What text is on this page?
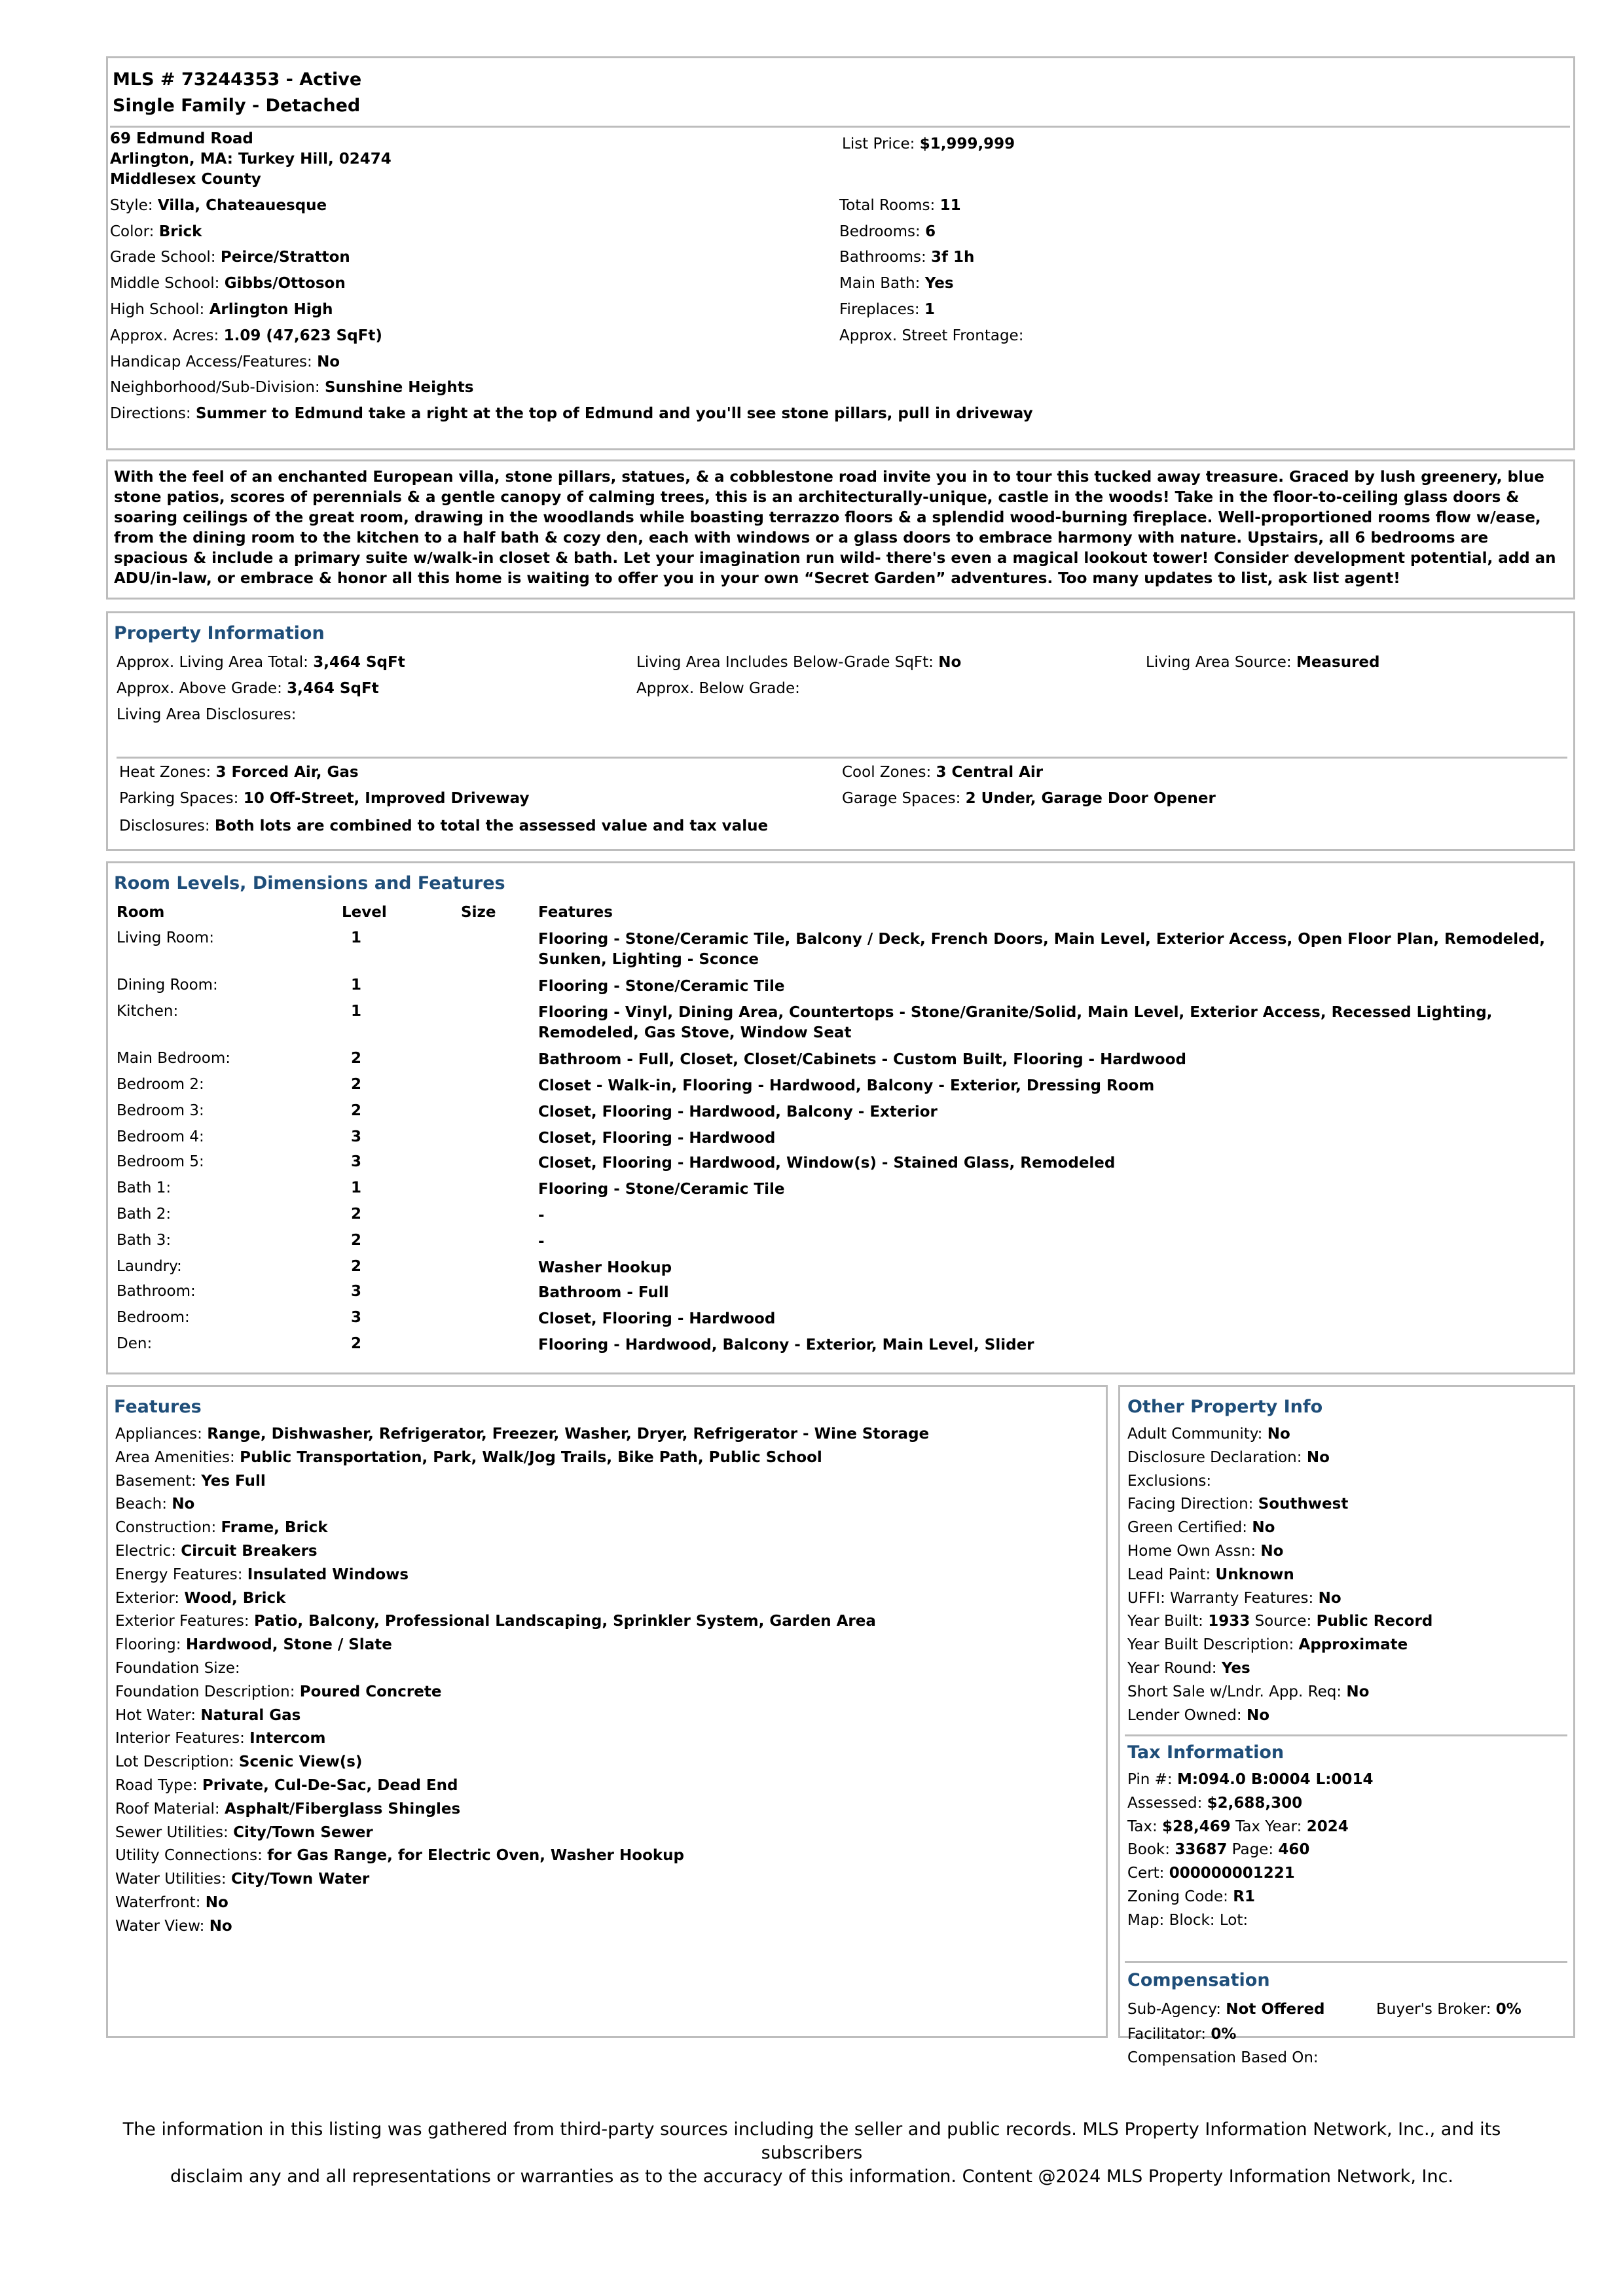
MLS # 73244353 - Active
Single Family - Detached
69 Edmund Road
Arlington, MA: Turkey Hill, 02474
Middlesex County
List Price: $1,999,999
Style: Villa, Chateauesque
Color: Brick
Grade School: Peirce/Stratton
Middle School: Gibbs/Ottoson
High School: Arlington High
Approx. Acres: 1.09 (47,623 SqFt)
Handicap Access/Features: No
Neighborhood/Sub-Division: Sunshine Heights
Directions: Summer to Edmund take a right at the top of Edmund and you'll see stone pillars, pull in driveway
Total Rooms: 11
Bedrooms: 6
Bathrooms: 3f 1h
Main Bath: Yes
Fireplaces: 1
Approx. Street Frontage:
With the feel of an enchanted European villa, stone pillars, statues, & a cobblestone road invite you in to tour this tucked away treasure. Graced by lush greenery, blue stone patios, scores of perennials & a gentle canopy of calming trees, this is an architecturally-unique, castle in the woods! Take in the floor-to-ceiling glass doors & soaring ceilings of the great room, drawing in the woodlands while boasting terrazzo floors & a splendid wood-burning fireplace. Well-proportioned rooms flow w/ease, from the dining room to the kitchen to a half bath & cozy den, each with windows or a glass doors to embrace harmony with nature. Upstairs, all 6 bedrooms are spacious & include a primary suite w/walk-in closet & bath. Let your imagination run wild- there's even a magical lookout tower! Consider development potential, add an ADU/in-law, or embrace & honor all this home is waiting to offer you in your own “Secret Garden” adventures. Too many updates to list, ask list agent!
Property Information
Approx. Living Area Total: 3,464 SqFt	Living Area Includes Below-Grade SqFt: No	Living Area Source: Measured
Approx. Above Grade: 3,464 SqFt	Approx. Below Grade:
Living Area Disclosures:
Heat Zones: 3 Forced Air, Gas	Cool Zones: 3 Central Air
Parking Spaces: 10 Off-Street, Improved Driveway	Garage Spaces: 2 Under, Garage Door Opener
Disclosures: Both lots are combined to total the assessed value and tax value
Room Levels, Dimensions and Features
Room	Level	Size	Features
Living Room:	1	Flooring - Stone/Ceramic Tile, Balcony / Deck, French Doors, Main Level, Exterior Access, Open Floor Plan, Remodeled, Sunken, Lighting - Sconce
Dining Room:	1	Flooring - Stone/Ceramic Tile
Kitchen:	1	Flooring - Vinyl, Dining Area, Countertops - Stone/Granite/Solid, Main Level, Exterior Access, Recessed Lighting, Remodeled, Gas Stove, Window Seat
Main Bedroom:	2	Bathroom - Full, Closet, Closet/Cabinets - Custom Built, Flooring - Hardwood
Bedroom 2:	2	Closet - Walk-in, Flooring - Hardwood, Balcony - Exterior, Dressing Room
Bedroom 3:	2	Closet, Flooring - Hardwood, Balcony - Exterior
Bedroom 4:	3	Closet, Flooring - Hardwood
Bedroom 5:	3	Closet, Flooring - Hardwood, Window(s) - Stained Glass, Remodeled
Bath 1:	1	Flooring - Stone/Ceramic Tile
Bath 2:	2	-
Bath 3:	2	-
Laundry:	2	Washer Hookup
Bathroom:	3	Bathroom - Full
Bedroom:	3	Closet, Flooring - Hardwood
Den:	2	Flooring - Hardwood, Balcony - Exterior, Main Level, Slider
Features
Appliances: Range, Dishwasher, Refrigerator, Freezer, Washer, Dryer, Refrigerator - Wine Storage
Area Amenities: Public Transportation, Park, Walk/Jog Trails, Bike Path, Public School
Basement: Yes Full
Beach: No
Construction: Frame, Brick
Electric: Circuit Breakers
Energy Features: Insulated Windows
Exterior: Wood, Brick
Exterior Features: Patio, Balcony, Professional Landscaping, Sprinkler System, Garden Area
Flooring: Hardwood, Stone / Slate
Foundation Size:
Foundation Description: Poured Concrete
Hot Water: Natural Gas
Interior Features: Intercom
Lot Description: Scenic View(s)
Road Type: Private, Cul-De-Sac, Dead End
Roof Material: Asphalt/Fiberglass Shingles
Sewer Utilities: City/Town Sewer
Utility Connections: for Gas Range, for Electric Oven, Washer Hookup
Water Utilities: City/Town Water
Waterfront: No
Water View: No
Other Property Info
Adult Community: No
Disclosure Declaration: No
Exclusions:
Facing Direction: Southwest
Green Certified: No
Home Own Assn: No
Lead Paint: Unknown
UFFI: Warranty Features: No
Year Built: 1933 Source: Public Record
Year Built Description: Approximate
Year Round: Yes
Short Sale w/Lndr. App. Req: No
Lender Owned: No
Tax Information
Pin #: M:094.0 B:0004 L:0014
Assessed: $2,688,300
Tax: $28,469 Tax Year: 2024
Book: 33687 Page: 460
Cert: 000000001221
Zoning Code: R1
Map: Block: Lot:
Compensation
Sub-Agency: Not Offered	Buyer's Broker: 0%
Facilitator: 0%
Compensation Based On:
The information in this listing was gathered from third-party sources including the seller and public records. MLS Property Information Network, Inc., and its subscribers
disclaim any and all representations or warranties as to the accuracy of this information. Content @2024 MLS Property Information Network, Inc.
